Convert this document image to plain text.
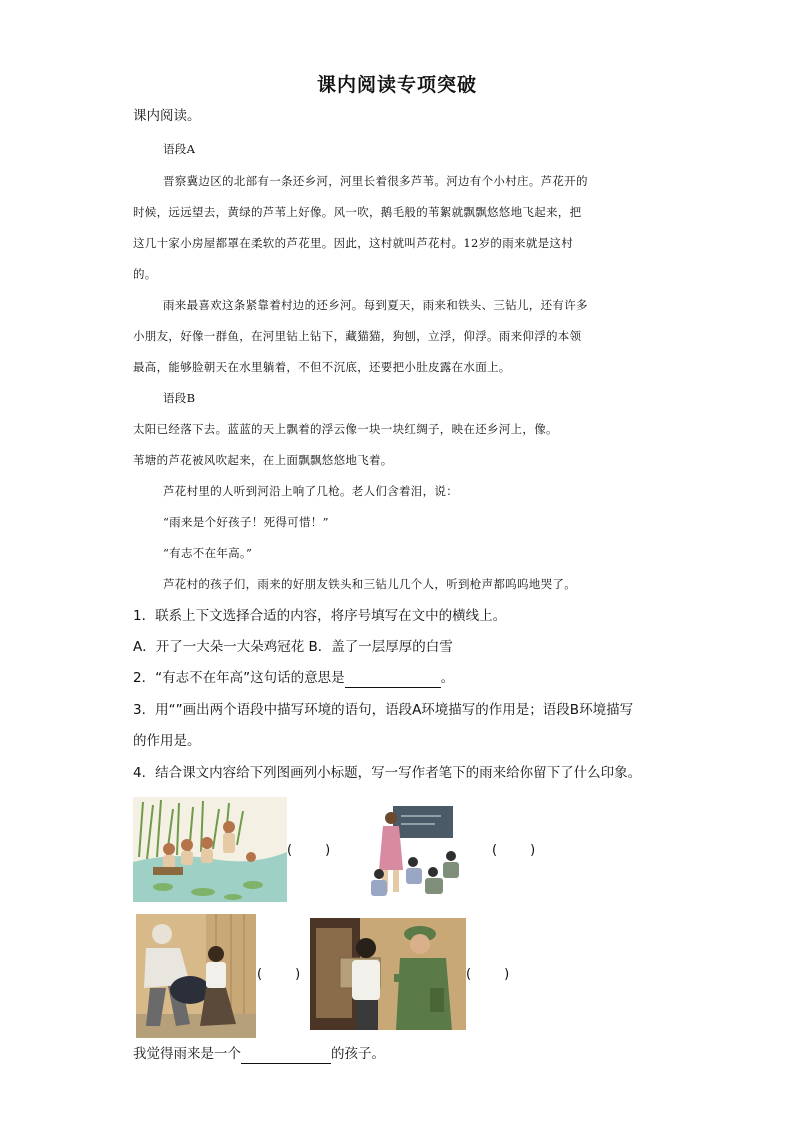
课内阅读专项突破
课内阅读。
语段A
晋察冀边区的北部有一条还乡河，河里长着很多芦苇。河边有个小村庄。芦花开的
时候，远远望去，黄绿的芦苇上好像。风一吹，鹅毛般的苇絮就飘飘悠悠地飞起来，把
这几十家小房屋都罩在柔软的芦花里。因此，这村就叫芦花村。12岁的雨来就是这村
的。
雨来最喜欢这条紧靠着村边的还乡河。每到夏天，雨来和铁头、三钻儿，还有许多
小朋友，好像一群鱼，在河里钻上钻下，藏猫猫，狗刨，立浮，仰浮。雨来仰浮的本领
最高，能够脸朝天在水里躺着，不但不沉底，还要把小肚皮露在水面上。
语段B
太阳已经落下去。蓝蓝的天上飘着的浮云像一块一块红绸子，映在还乡河上，像。
苇塘的芦花被风吹起来，在上面飘飘悠悠地飞着。
芦花村里的人听到河沿上响了几枪。老人们含着泪，说：
“雨来是个好孩子！死得可惜！”
“有志不在年高。”
芦花村的孩子们，雨来的好朋友铁头和三钻儿几个人，听到枪声都呜呜地哭了。
1．联系上下文选择合适的内容，将序号填写在文中的横线上。
A．开了一大朵一大朵鸡冠花 B．盖了一层厚厚的白雪
2．“有志不在年高”这句话的意思是	。
3．用“”画出两个语段中描写环境的语句，语段A环境描写的作用是；语段B环境描写
的作用是。
4．结合课文内容给下列图画列小标题，写一写作者笔下的雨来给你留下了什么印象。
(        )	(        )
(        )	(        )
我觉得雨来是一个	的孩子。
